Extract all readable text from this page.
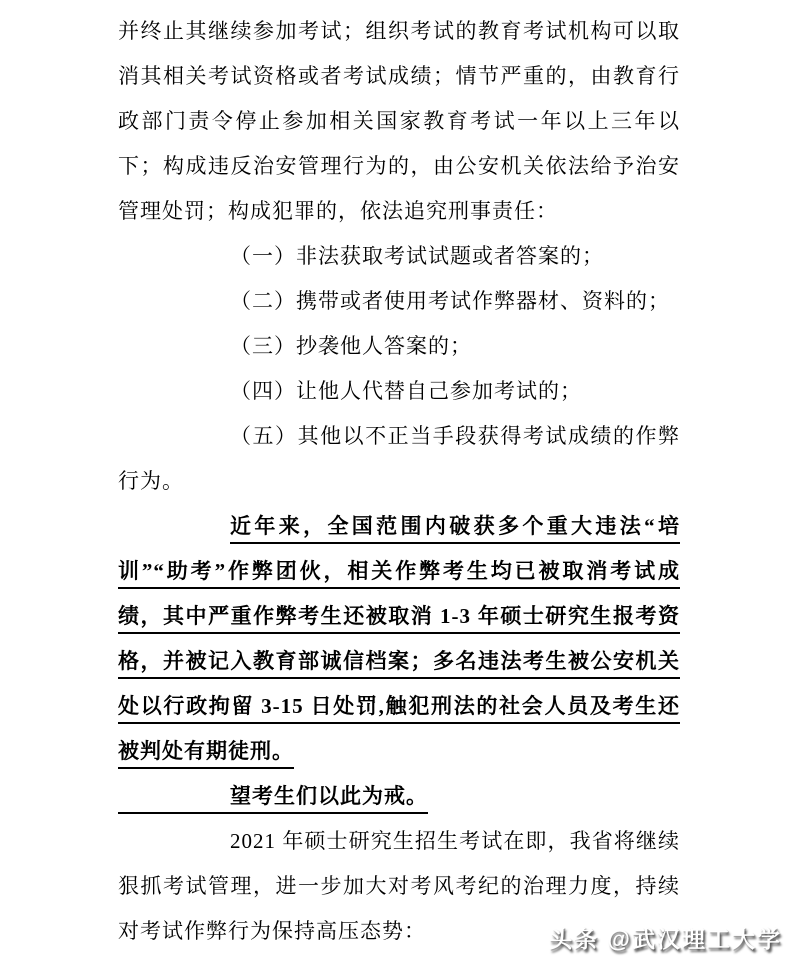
并终止其继续参加考试；组织考试的教育考试机构可以取消其相关考试资格或者考试成绩；情节严重的，由教育行政部门责令停止参加相关国家教育考试一年以上三年以下；构成违反治安管理行为的，由公安机关依法给予治安管理处罚；构成犯罪的，依法追究刑事责任：

（一）非法获取考试试题或者答案的；

（二）携带或者使用考试作弊器材、资料的；

（三）抄袭他人答案的；

（四）让他人代替自己参加考试的；

（五）其他以不正当手段获得考试成绩的作弊行为。

近年来，全国范围内破获多个重大违法“培训”“助考”作弊团伙，相关作弊考生均已被取消考试成绩，其中严重作弊考生还被取消 1-3 年硕士研究生报考资格，并被记入教育部诚信档案；多名违法考生被公安机关处以行政拘留 3-15 日处罚,触犯刑法的社会人员及考生还被判处有期徒刑。

望考生们以此为戒。

2021 年硕士研究生招生考试在即，我省将继续狠抓考试管理，进一步加大对考风考纪的治理力度，持续对考试作弊行为保持高压态势：	头条 @武汉理工大学
